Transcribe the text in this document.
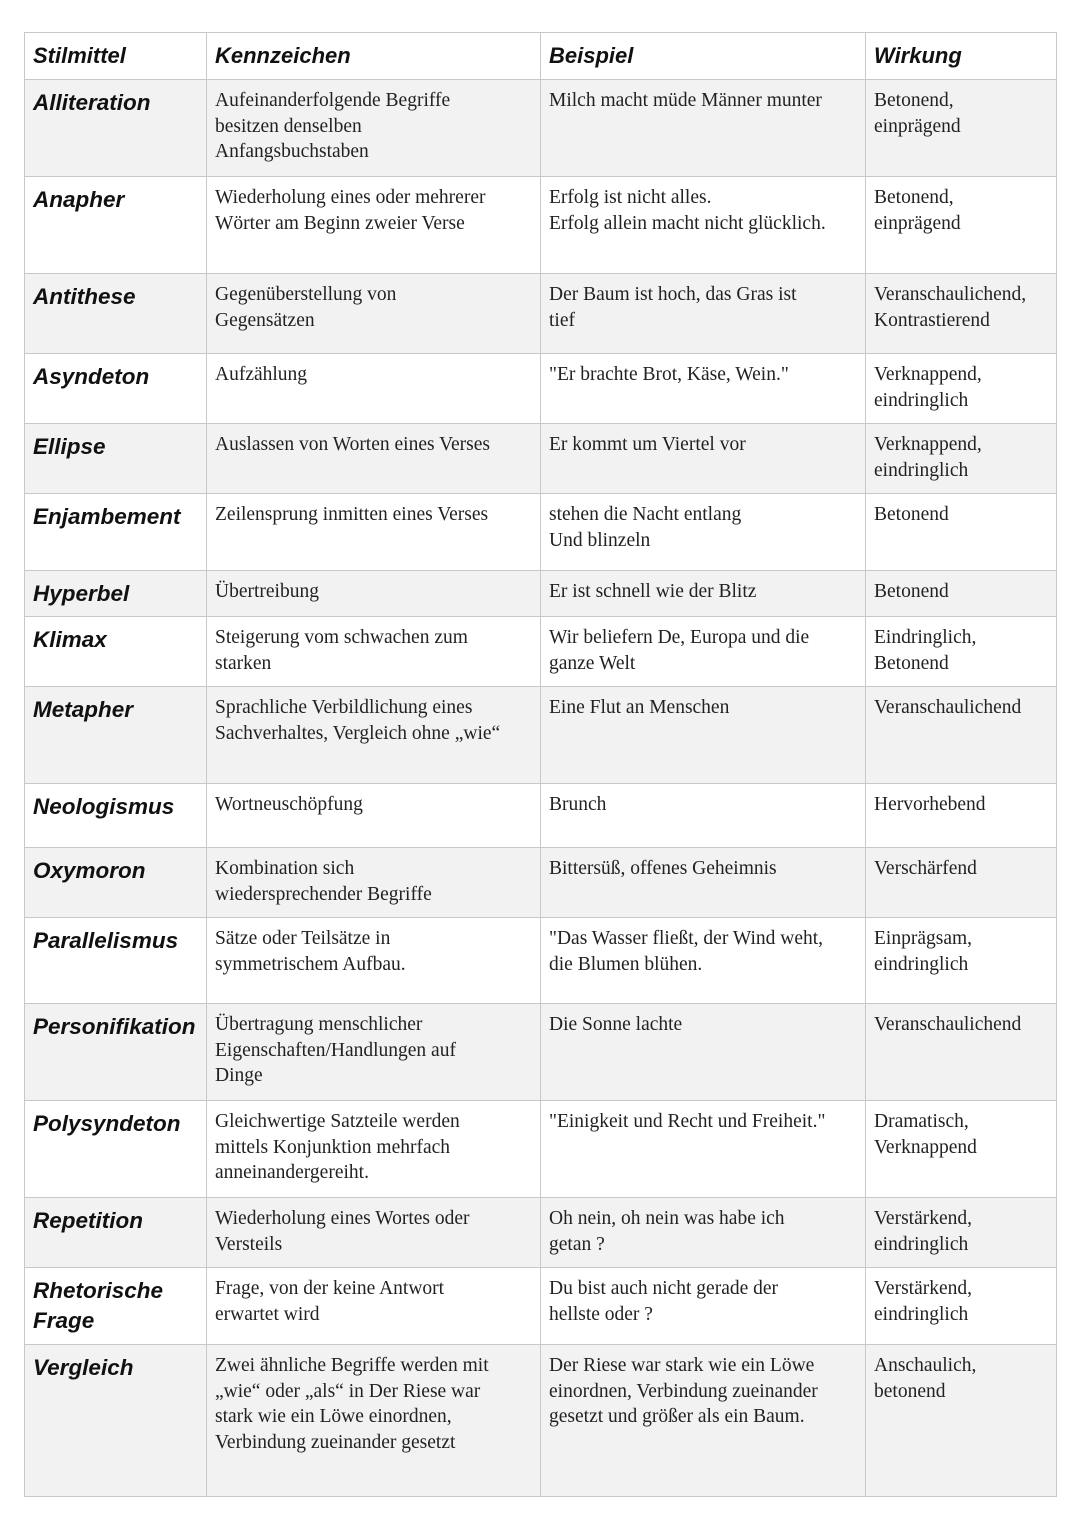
Stilmittel	Kennzeichen	Beispiel	Wirkung
Alliteration	Aufeinanderfolgende Begriffe
besitzen denselben
Anfangsbuchstaben	Milch macht müde Männer munter	Betonend,
einprägend
Anapher	Wiederholung eines oder mehrerer
Wörter am Beginn zweier Verse	Erfolg ist nicht alles.
Erfolg allein macht nicht glücklich.	Betonend,
einprägend
Antithese	Gegenüberstellung von
Gegensätzen	Der Baum ist hoch, das Gras ist
tief	Veranschaulichend,
Kontrastierend
Asyndeton	Aufzählung	"Er brachte Brot, Käse, Wein."	Verknappend,
eindringlich
Ellipse	Auslassen von Worten eines Verses	Er kommt um Viertel vor	Verknappend,
eindringlich
Enjambement	Zeilensprung inmitten eines Verses	stehen die Nacht entlang
Und blinzeln	Betonend
Hyperbel	Übertreibung	Er ist schnell wie der Blitz	Betonend
Klimax	Steigerung vom schwachen zum
starken	Wir beliefern De, Europa und die
ganze Welt	Eindringlich,
Betonend
Metapher	Sprachliche Verbildlichung eines
Sachverhaltes, Vergleich ohne „wie“	Eine Flut an Menschen	Veranschaulichend
Neologismus	Wortneuschöpfung	Brunch	Hervorhebend
Oxymoron	Kombination sich
wiedersprechender Begriffe	Bittersüß, offenes Geheimnis	Verschärfend
Parallelismus	Sätze oder Teilsätze in
symmetrischem Aufbau.	"Das Wasser fließt, der Wind weht,
die Blumen blühen.	Einprägsam,
eindringlich
Personifikation	Übertragung menschlicher
Eigenschaften/Handlungen auf
Dinge	Die Sonne lachte	Veranschaulichend
Polysyndeton	Gleichwertige Satzteile werden
mittels Konjunktion mehrfach
anneinandergereiht.	"Einigkeit und Recht und Freiheit."	Dramatisch,
Verknappend
Repetition	Wiederholung eines Wortes oder
Versteils	Oh nein, oh nein was habe ich
getan ?	Verstärkend,
eindringlich
Rhetorische Frage	Frage, von der keine Antwort
erwartet wird	Du bist auch nicht gerade der
hellste oder ?	Verstärkend,
eindringlich
Vergleich	Zwei ähnliche Begriffe werden mit
„wie“ oder „als“ in Der Riese war
stark wie ein Löwe einordnen,
Verbindung zueinander gesetzt	Der Riese war stark wie ein Löwe
einordnen, Verbindung zueinander
gesetzt und größer als ein Baum.	Anschaulich,
betonend
